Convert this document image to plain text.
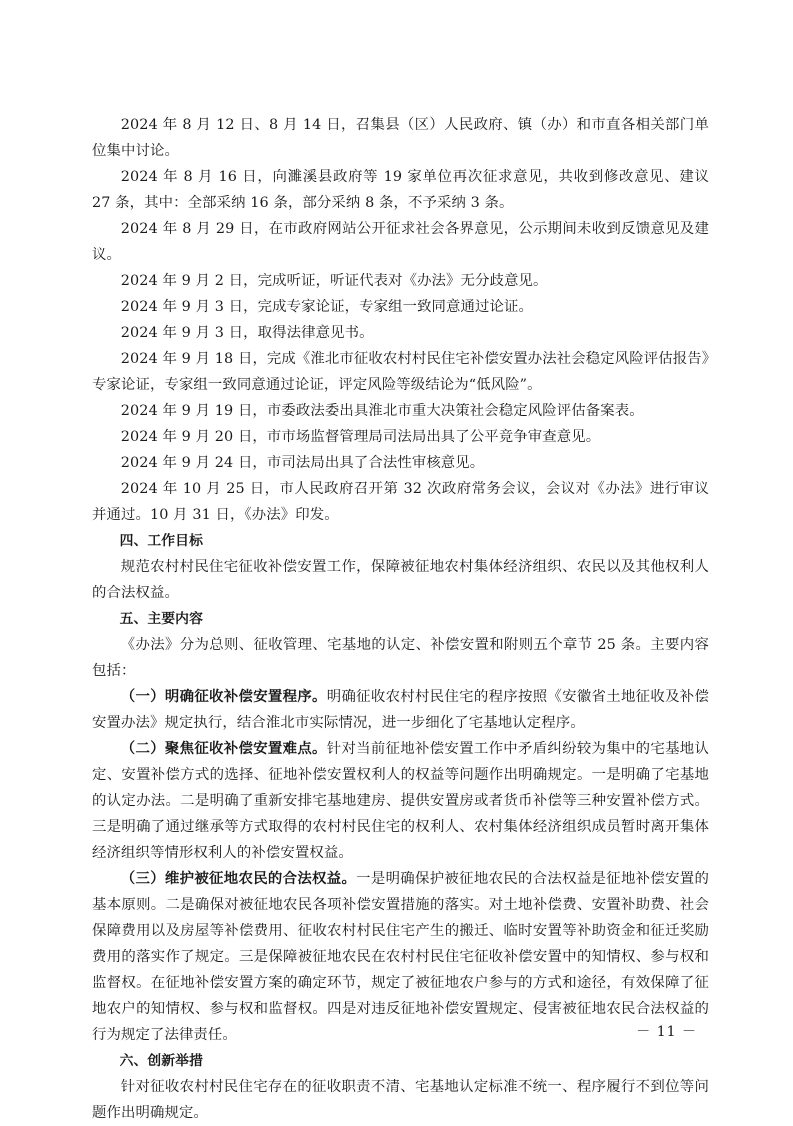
2024 年 8 月 12 日、8 月 14 日，召集县（区）人民政府、镇（办）和市直各相关部门单位集中讨论。

2024 年 8 月 16 日，向濉溪县政府等 19 家单位再次征求意见，共收到修改意见、建议 27 条，其中：全部采纳 16 条，部分采纳 8 条，不予采纳 3 条。

2024 年 8 月 29 日，在市政府网站公开征求社会各界意见，公示期间未收到反馈意见及建议。

2024 年 9 月 2 日，完成听证，听证代表对《办法》无分歧意见。

2024 年 9 月 3 日，完成专家论证，专家组一致同意通过论证。

2024 年 9 月 3 日，取得法律意见书。

2024 年 9 月 18 日，完成《淮北市征收农村村民住宅补偿安置办法社会稳定风险评估报告》专家论证，专家组一致同意通过论证，评定风险等级结论为“低风险”。

2024 年 9 月 19 日，市委政法委出具淮北市重大决策社会稳定风险评估备案表。

2024 年 9 月 20 日，市市场监督管理局司法局出具了公平竞争审查意见。

2024 年 9 月 24 日，市司法局出具了合法性审核意见。

2024 年 10 月 25 日，市人民政府召开第 32 次政府常务会议，会议对《办法》进行审议并通过。10 月 31 日，《办法》印发。

四、工作目标

规范农村村民住宅征收补偿安置工作，保障被征地农村集体经济组织、农民以及其他权利人的合法权益。

五、主要内容

《办法》分为总则、征收管理、宅基地的认定、补偿安置和附则五个章节 25 条。主要内容包括：

（一）明确征收补偿安置程序。明确征收农村村民住宅的程序按照《安徽省土地征收及补偿安置办法》规定执行，结合淮北市实际情况，进一步细化了宅基地认定程序。

（二）聚焦征收补偿安置难点。针对当前征地补偿安置工作中矛盾纠纷较为集中的宅基地认定、安置补偿方式的选择、征地补偿安置权利人的权益等问题作出明确规定。一是明确了宅基地的认定办法。二是明确了重新安排宅基地建房、提供安置房或者货币补偿等三种安置补偿方式。三是明确了通过继承等方式取得的农村村民住宅的权利人、农村集体经济组织成员暂时离开集体经济组织等情形权利人的补偿安置权益。

（三）维护被征地农民的合法权益。一是明确保护被征地农民的合法权益是征地补偿安置的基本原则。二是确保对被征地农民各项补偿安置措施的落实。对土地补偿费、安置补助费、社会保障费用以及房屋等补偿费用、征收农村村民住宅产生的搬迁、临时安置等补助资金和征迁奖励费用的落实作了规定。三是保障被征地农民在农村村民住宅征收补偿安置中的知情权、参与权和监督权。在征地补偿安置方案的确定环节，规定了被征地农户参与的方式和途径，有效保障了征地农户的知情权、参与权和监督权。四是对违反征地补偿安置规定、侵害被征地农民合法权益的行为规定了法律责任。

六、创新举措

针对征收农村村民住宅存在的征收职责不清、宅基地认定标准不统一、程序履行不到位等问题作出明确规定。

－ 11 －
